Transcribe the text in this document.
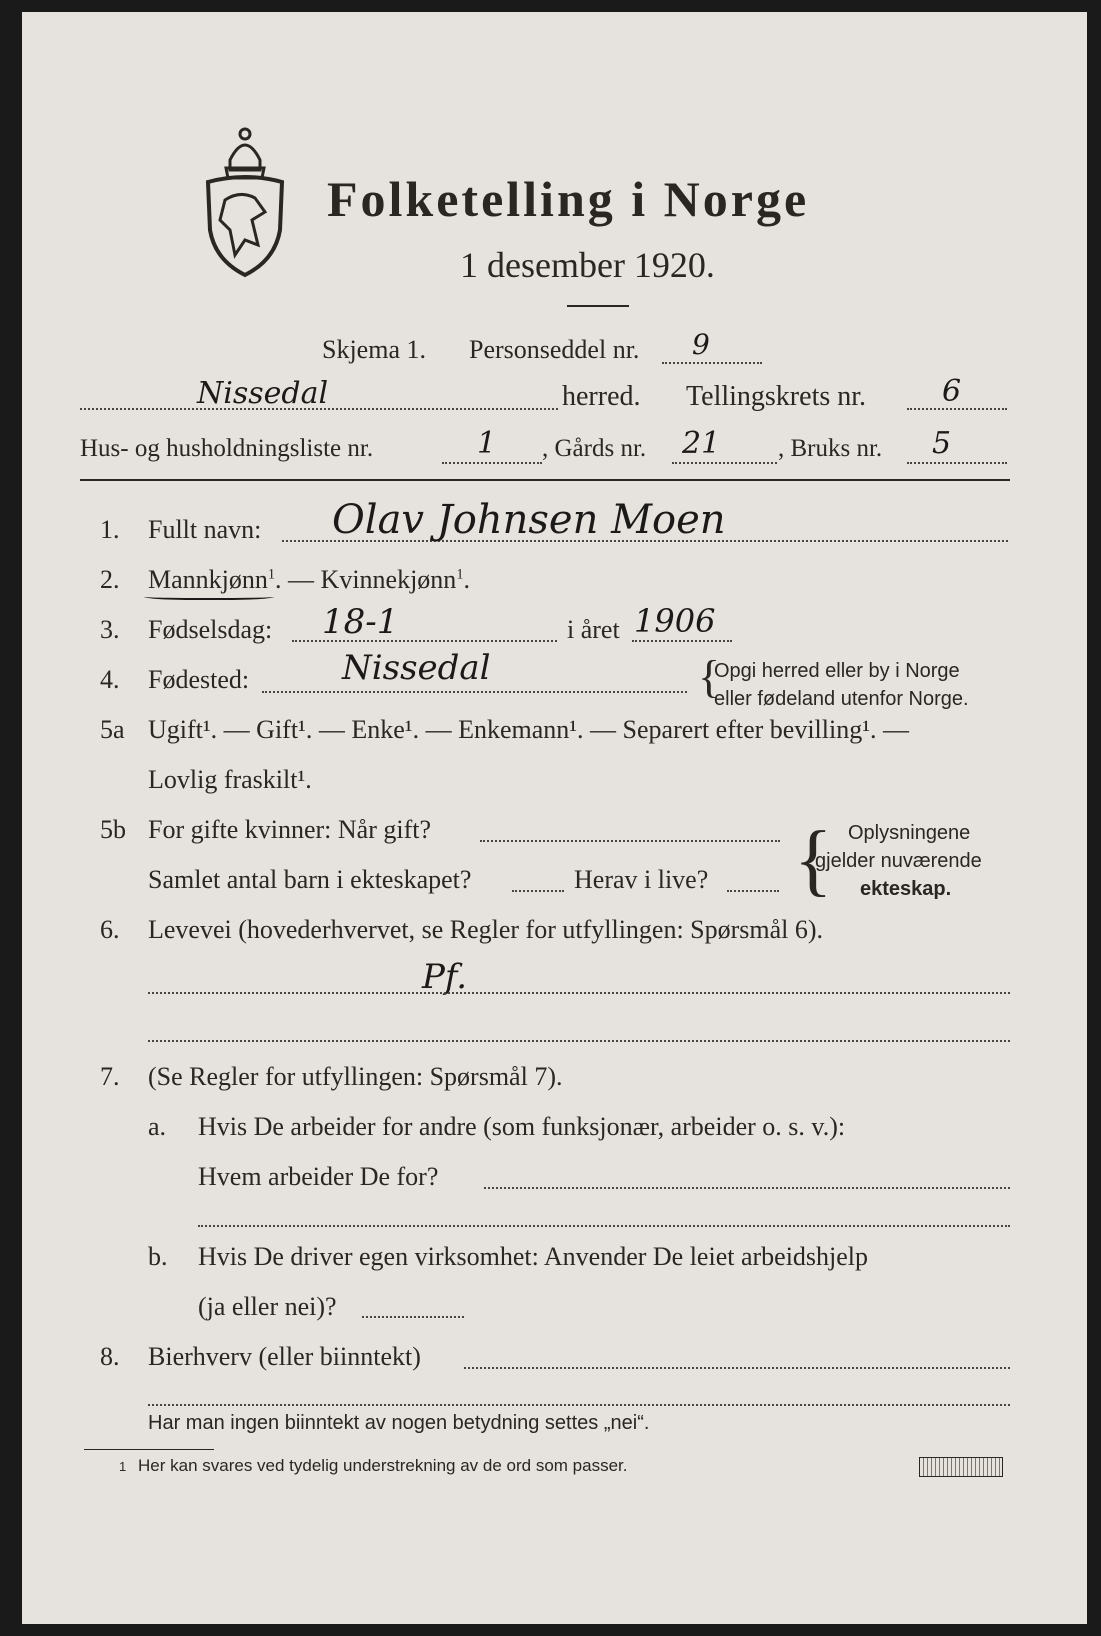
Folketelling i Norge
1 desember 1920.
Skjema 1. Personseddel nr. 9
Nissedal	herred. Tellingskrets nr.	6
Hus- og husholdningsliste nr.	1 , Gårds nr. 21 , Bruks nr. 5
1. Fullt navn: Olav Johnsen Moen
2. Mannkjønn$^1$. — Kvinnekjønn$^1$.
3. Fødselsdag: 18-1	i året 1906
4. Fødested:	Nissedal	{
Opgi herred eller by i Norge
eller fødeland utenfor Norge.
5a Ugift¹. — Gift¹. — Enke¹. — Enkemann¹. — Separert efter bevilling¹. —
Lovlig fraskilt¹.
5b For gifte kvinner: Når gift?
Samlet antal barn i ekteskapet?	Herav i live? { Oplysningene
gjelder nuværende
ekteskap.
6. Levevei (hovederhvervet, se Regler for utfyllingen: Spørsmål 6).
Pf.
7. (Se Regler for utfyllingen: Spørsmål 7).
a. Hvis De arbeider for andre (som funksjonær, arbeider o. s. v.):
Hvem arbeider De for?
b. Hvis De driver egen virksomhet: Anvender De leiet arbeidshjelp
(ja eller nei)?
8. Bierhverv (eller biinntekt)
Har man ingen biinntekt av nogen betydning settes „nei“.
1 Her kan svares ved tydelig understrekning av de ord som passer.
